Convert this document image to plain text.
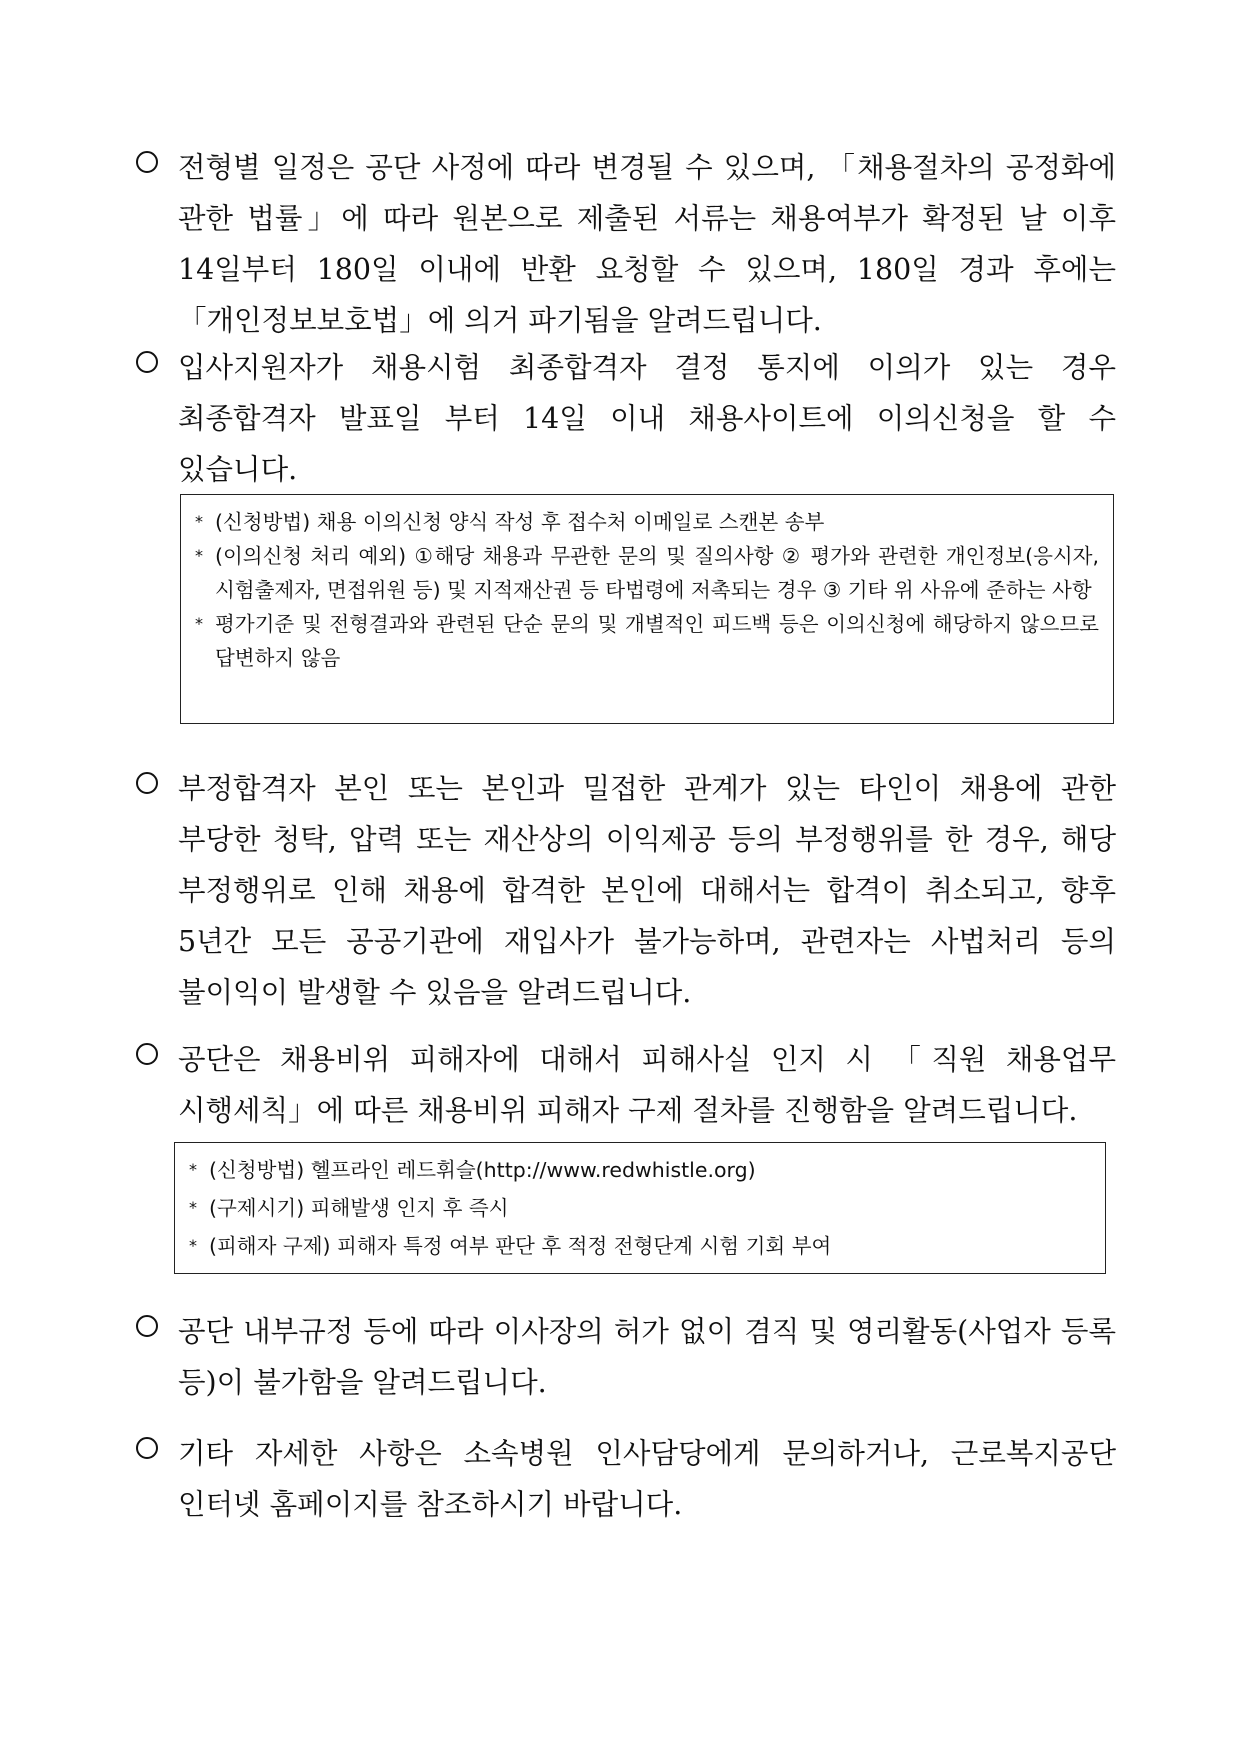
전형별 일정은 공단 사정에 따라 변경될 수 있으며, 「채용절차의 공정화에 관한 법률」에 따라 원본으로 제출된 서류는 채용여부가 확정된 날 이후 14일부터 180일 이내에 반환 요청할 수 있으며, 180일 경과 후에는 「개인정보보호법」에 의거 파기됨을 알려드립니다.
입사지원자가 채용시험 최종합격자 결정 통지에 이의가 있는 경우 최종합격자 발표일 부터 14일 이내 채용사이트에 이의신청을 할 수 있습니다.
* (신청방법) 채용 이의신청 양식 작성 후 접수처 이메일로 스캔본 송부
* (이의신청 처리 예외) ①해당 채용과 무관한 문의 및 질의사항 ② 평가와 관련한 개인정보(응시자, 시험출제자, 면접위원 등) 및 지적재산권 등 타법령에 저촉되는 경우 ③ 기타 위 사유에 준하는 사항
* 평가기준 및 전형결과와 관련된 단순 문의 및 개별적인 피드백 등은 이의신청에 해당하지 않으므로 답변하지 않음
부정합격자 본인 또는 본인과 밀접한 관계가 있는 타인이 채용에 관한 부당한 청탁, 압력 또는 재산상의 이익제공 등의 부정행위를 한 경우, 해당 부정행위로 인해 채용에 합격한 본인에 대해서는 합격이 취소되고, 향후 5년간 모든 공공기관에 재입사가 불가능하며, 관련자는 사법처리 등의 불이익이 발생할 수 있음을 알려드립니다.
공단은 채용비위 피해자에 대해서 피해사실 인지 시 「직원 채용업무 시행세칙」에 따른 채용비위 피해자 구제 절차를 진행함을 알려드립니다.
* (신청방법) 헬프라인 레드휘슬(http://www.redwhistle.org)
* (구제시기) 피해발생 인지 후 즉시
* (피해자 구제) 피해자 특정 여부 판단 후 적정 전형단계 시험 기회 부여
공단 내부규정 등에 따라 이사장의 허가 없이 겸직 및 영리활동(사업자 등록 등)이 불가함을 알려드립니다.
기타 자세한 사항은 소속병원 인사담당에게 문의하거나, 근로복지공단 인터넷 홈페이지를 참조하시기 바랍니다.
